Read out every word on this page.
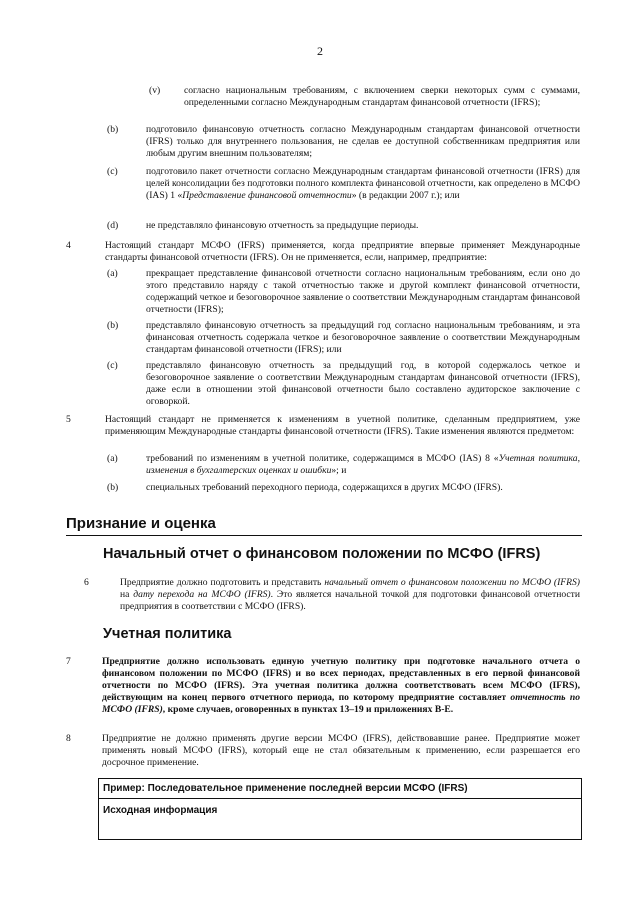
2
(v) согласно национальным требованиям, с включением сверки некоторых сумм с суммами, определенными согласно Международным стандартам финансовой отчетности (IFRS);
(b)	подготовило финансовую отчетность согласно Международным стандартам финансовой отчетности (IFRS) только для внутреннего пользования, не сделав ее доступной собственникам предприятия или любым другим внешним пользователям;
(c)	подготовило пакет отчетности согласно Международным стандартам финансовой отчетности (IFRS) для целей консолидации без подготовки полного комплекта финансовой отчетности, как определено в МСФО (IAS) 1 «Представление финансовой отчетности» (в редакции 2007 г.); или
(d)	не представляло финансовую отчетность за предыдущие периоды.
4	Настоящий стандарт МСФО (IFRS) применяется, когда предприятие впервые применяет Международные стандарты финансовой отчетности (IFRS). Он не применяется, если, например, предприятие:
(a)	прекращает представление финансовой отчетности согласно национальным требованиям, если оно до этого представило наряду с такой отчетностью также и другой комплект финансовой отчетности, содержащий четкое и безоговорочное заявление о соответствии Международным стандартам финансовой отчетности (IFRS);
(b)	представляло финансовую отчетность за предыдущий год согласно национальным требованиям, и эта финансовая отчетность содержала четкое и безоговорочное заявление о соответствии Международным стандартам финансовой отчетности (IFRS); или
(c)	представляло финансовую отчетность за предыдущий год, в которой содержалось четкое и безоговорочное заявление о соответствии Международным стандартам финансовой отчетности (IFRS), даже если в отношении этой финансовой отчетности было составлено аудиторское заключение с оговоркой.
5	Настоящий стандарт не применяется к изменениям в учетной политике, сделанным предприятием, уже применяющим Международные стандарты финансовой отчетности (IFRS). Такие изменения являются предметом:
(a)	требований по изменениям в учетной политике, содержащимся в МСФО (IAS) 8 «Учетная политика, изменения в бухгалтерских оценках и ошибки»; и
(b)	специальных требований переходного периода, содержащихся в других МСФО (IFRS).
Признание и оценка
Начальный отчет о финансовом положении по МСФО (IFRS)
6	Предприятие должно подготовить и представить начальный отчет о финансовом положении по МСФО (IFRS) на дату перехода на МСФО (IFRS). Это является начальной точкой для подготовки финансовой отчетности предприятия в соответствии с МСФО (IFRS).
Учетная политика
7	Предприятие должно использовать единую учетную политику при подготовке начального отчета о финансовом положении по МСФО (IFRS) и во всех периодах, представленных в его первой финансовой отчетности по МСФО (IFRS). Эта учетная политика должна соответствовать всем МСФО (IFRS), действующим на конец первого отчетного периода, по которому предприятие составляет отчетность по МСФО (IFRS), кроме случаев, оговоренных в пунктах 13–19 и приложениях B-E.
8	Предприятие не должно применять другие версии МСФО (IFRS), действовавшие ранее. Предприятие может применять новый МСФО (IFRS), который еще не стал обязательным к применению, если разрешается его досрочное применение.
Пример: Последовательное применение последней версии МСФО (IFRS)
Исходная информация
